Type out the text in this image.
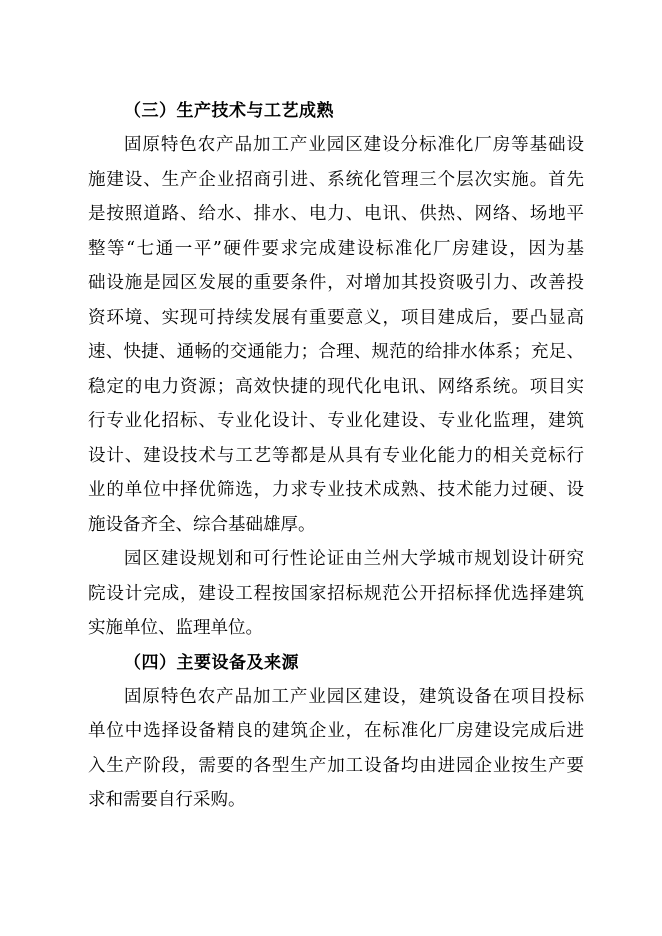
（三）生产技术与工艺成熟
固原特色农产品加工产业园区建设分标准化厂房等基础设
施建设、生产企业招商引进、系统化管理三个层次实施。首先
是按照道路、给水、排水、电力、电讯、供热、网络、场地平
整等“七通一平”硬件要求完成建设标准化厂房建设，因为基
础设施是园区发展的重要条件，对增加其投资吸引力、改善投
资环境、实现可持续发展有重要意义，项目建成后，要凸显高
速、快捷、通畅的交通能力；合理、规范的给排水体系；充足、
稳定的电力资源；高效快捷的现代化电讯、网络系统。项目实
行专业化招标、专业化设计、专业化建设、专业化监理，建筑
设计、建设技术与工艺等都是从具有专业化能力的相关竞标行
业的单位中择优筛选，力求专业技术成熟、技术能力过硬、设
施设备齐全、综合基础雄厚。
园区建设规划和可行性论证由兰州大学城市规划设计研究
院设计完成，建设工程按国家招标规范公开招标择优选择建筑
实施单位、监理单位。
（四）主要设备及来源
固原特色农产品加工产业园区建设，建筑设备在项目投标
单位中选择设备精良的建筑企业，在标准化厂房建设完成后进
入生产阶段，需要的各型生产加工设备均由进园企业按生产要
求和需要自行采购。
